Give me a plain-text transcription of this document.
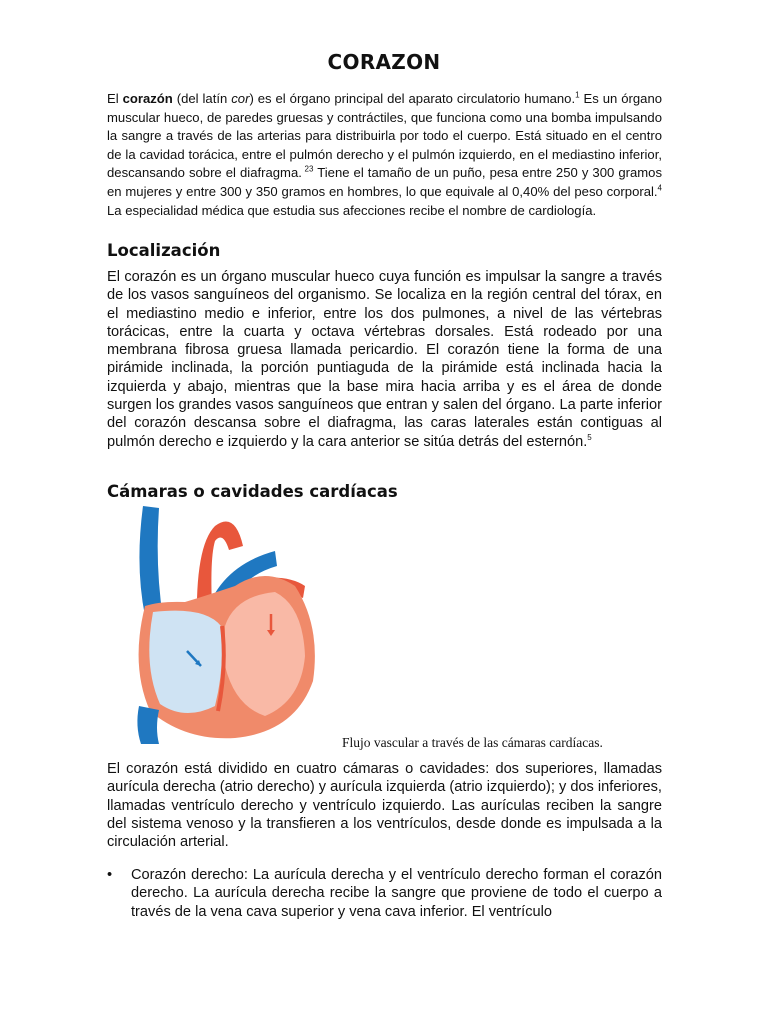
CORAZON

El corazón (del latín cor) es el órgano principal del aparato circulatorio humano.$^1$ Es un órgano muscular hueco, de paredes gruesas y contráctiles, que funciona como una bomba impulsando la sangre a través de las arterias para distribuirla por todo el cuerpo. Está situado en el centro de la cavidad torácica, entre el pulmón derecho y el pulmón izquierdo, en el mediastino inferior, descansando sobre el diafragma. $^{23}$ Tiene el tamaño de un puño, pesa entre 250 y 300 gramos en mujeres y entre 300 y 350 gramos en hombres, lo que equivale al 0,40% del peso corporal.$^4$ La especialidad médica que estudia sus afecciones recibe el nombre de cardiología.

Localización

El corazón es un órgano muscular hueco cuya función es impulsar la sangre a través de los vasos sanguíneos del organismo. Se localiza en la región central del tórax, en el mediastino medio e inferior, entre los dos pulmones, a nivel de las vértebras torácicas, entre la cuarta y octava vértebras dorsales. Está rodeado por una membrana fibrosa gruesa llamada pericardio. El corazón tiene la forma de una pirámide inclinada, la porción puntiaguda de la pirámide está inclinada hacia la izquierda y abajo, mientras que la base mira hacia arriba y es el área de donde surgen los grandes vasos sanguíneos que entran y salen del órgano. La parte inferior del corazón descansa sobre el diafragma, las caras laterales están contiguas al pulmón derecho e izquierdo y la cara anterior se sitúa detrás del esternón.$^5$

Cámaras o cavidades cardíacas
Flujo vascular a través de las cámaras cardíacas.

El corazón está dividido en cuatro cámaras o cavidades: dos superiores, llamadas aurícula derecha (atrio derecho) y aurícula izquierda (atrio izquierdo); y dos inferiores, llamadas ventrículo derecho y ventrículo izquierdo. Las aurículas reciben la sangre del sistema venoso y la transfieren a los ventrículos, desde donde es impulsada a la circulación arterial.

• Corazón derecho: La aurícula derecha y el ventrículo derecho forman el corazón derecho. La aurícula derecha recibe la sangre que proviene de todo el cuerpo a través de la vena cava superior y vena cava inferior. El ventrículo
